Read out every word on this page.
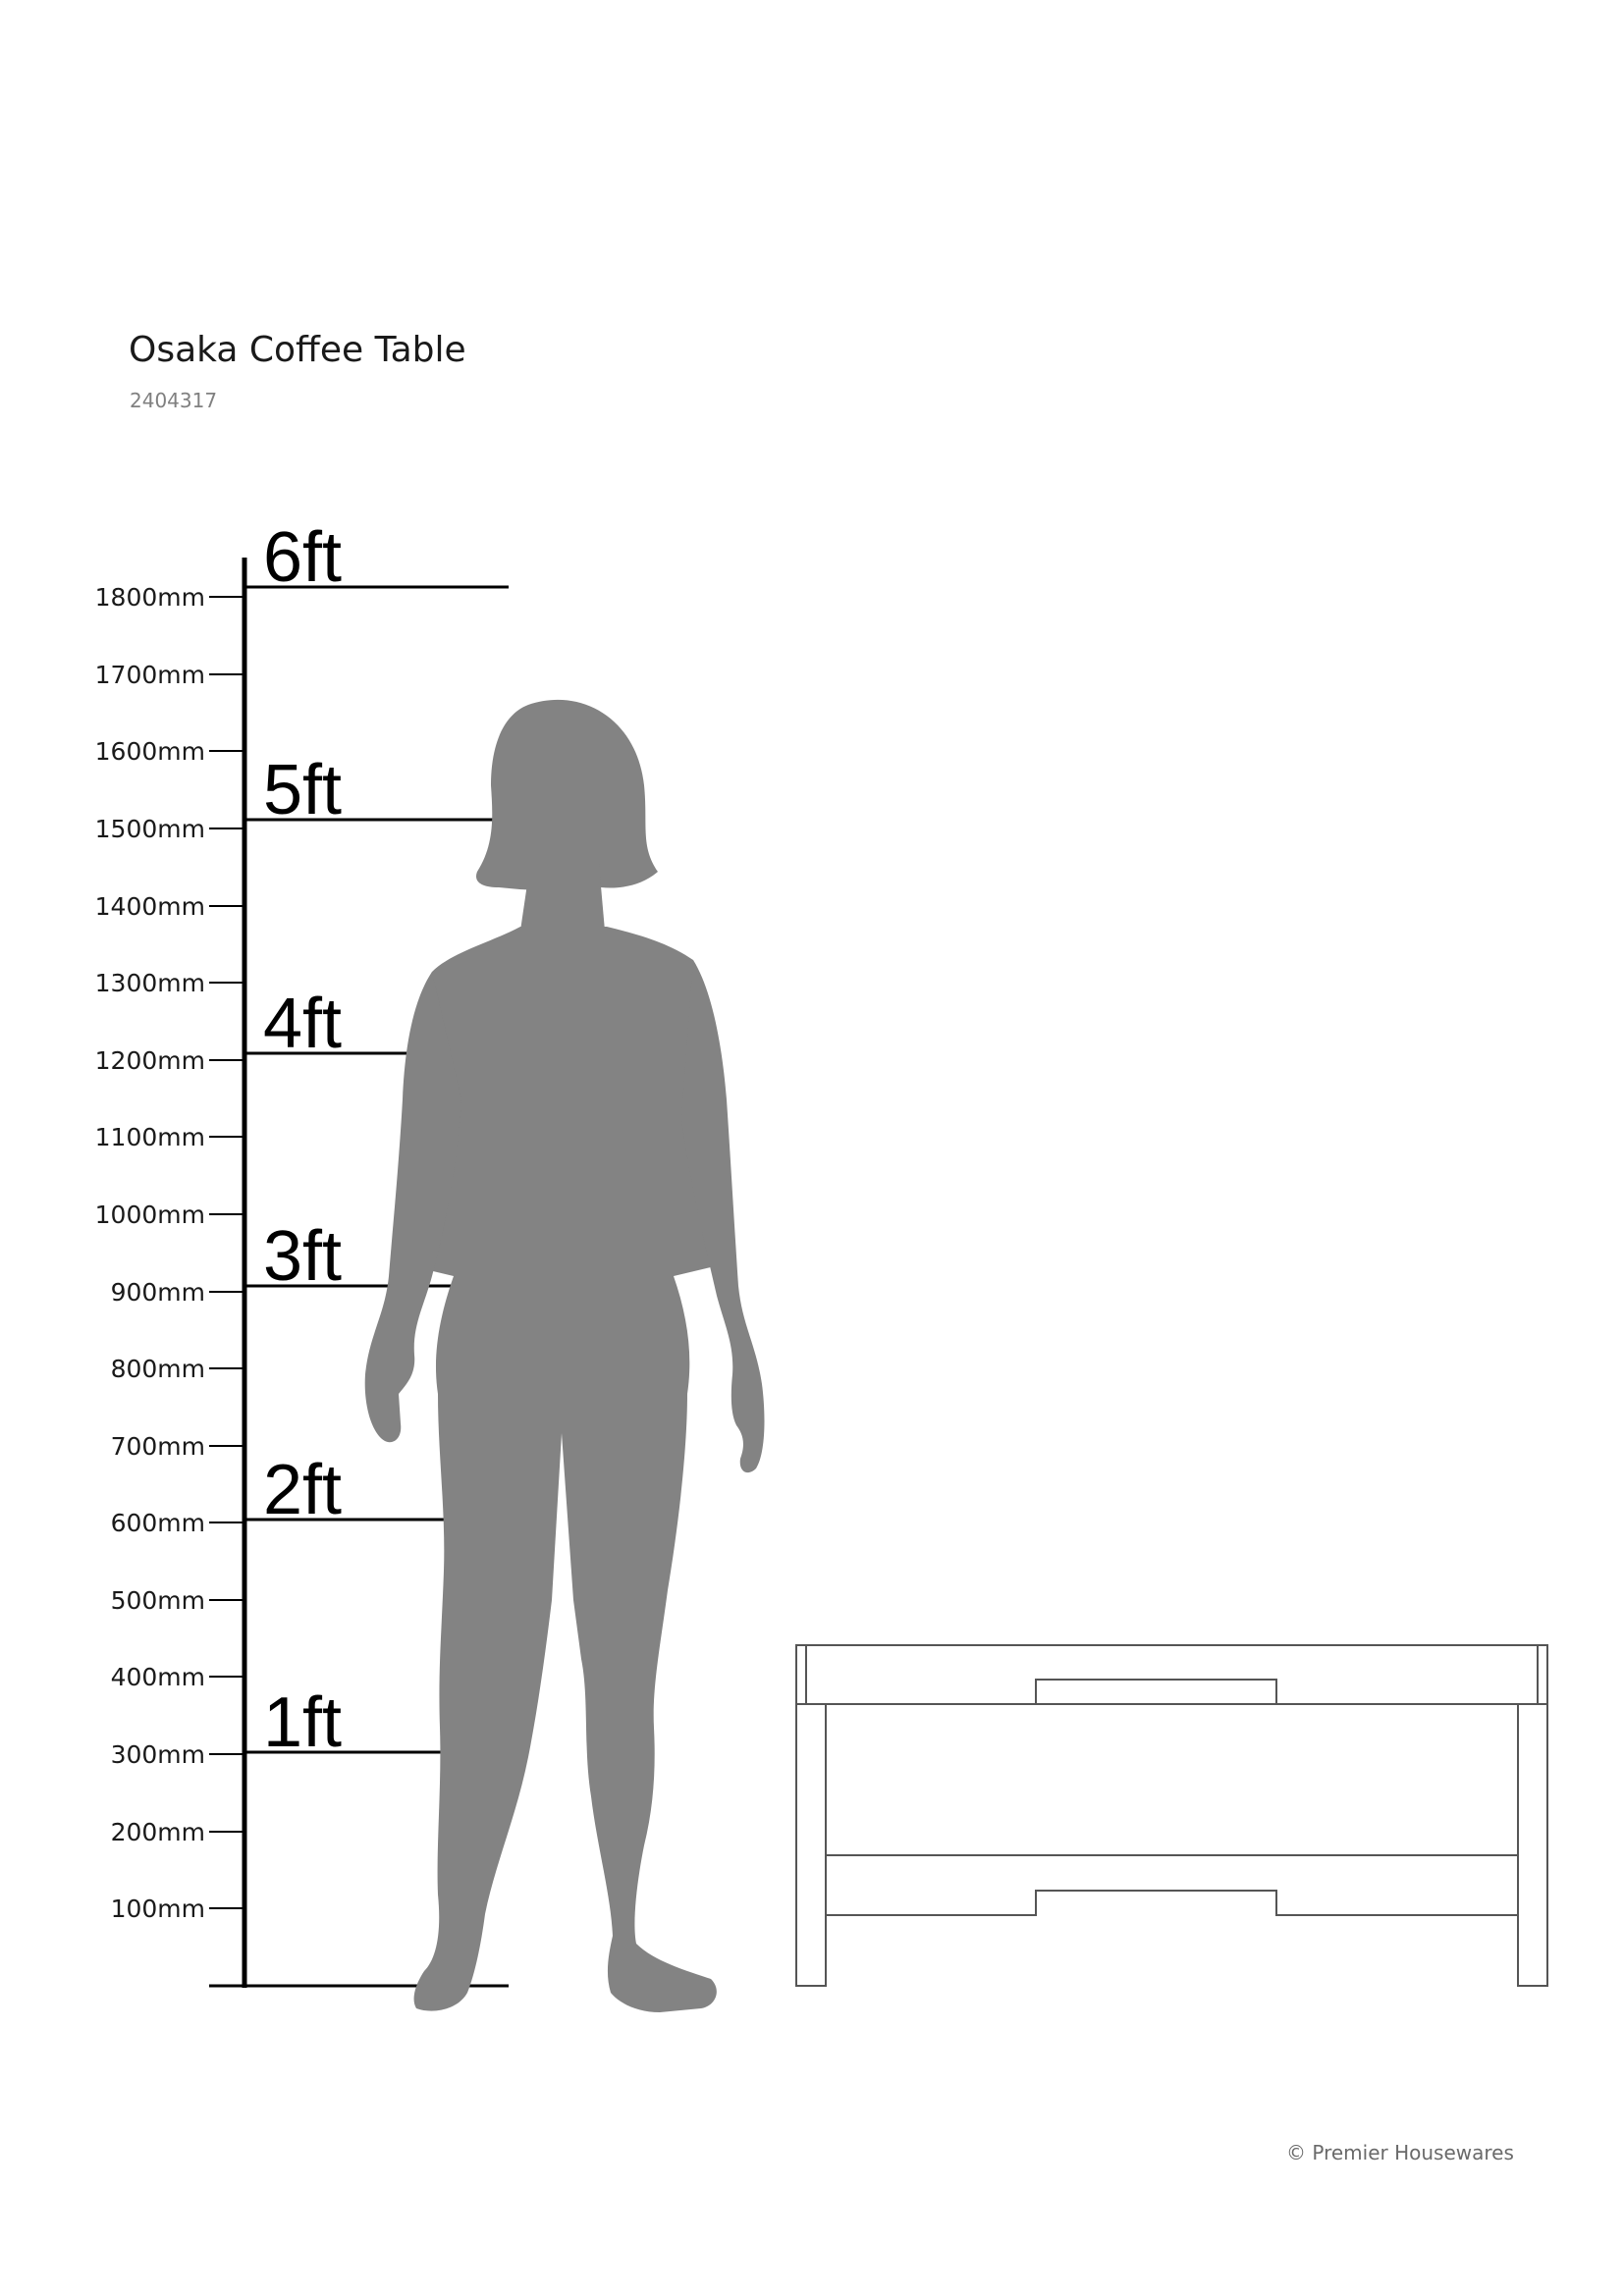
Osaka Coffee Table
2404317
1800mm
1700mm
1600mm
1500mm
1400mm
1300mm
1200mm
1100mm
1000mm
900mm
800mm
700mm
600mm
500mm
400mm
300mm
200mm
100mm
6ft
5ft
4ft
3ft
2ft
1ft
© Premier Housewares
